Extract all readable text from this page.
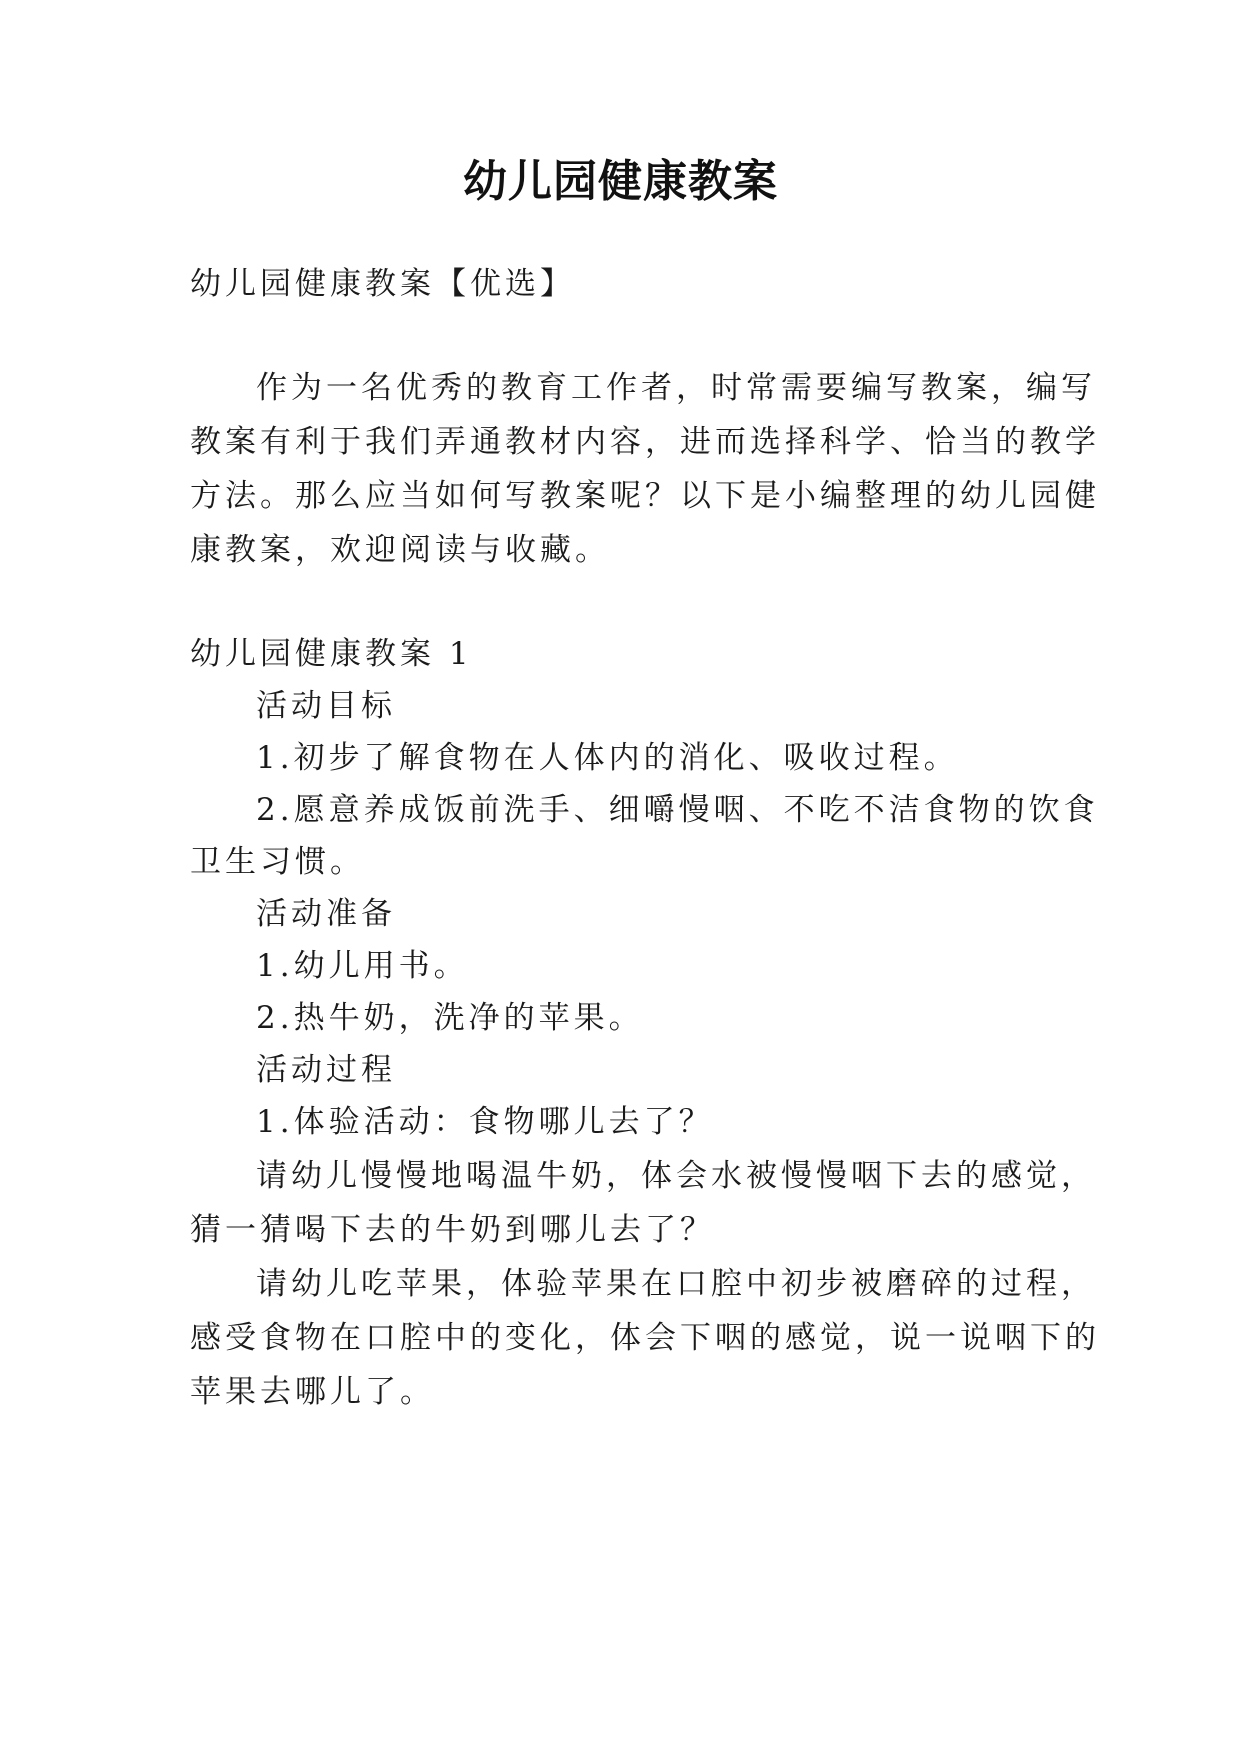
幼儿园健康教案
幼儿园健康教案【优选】
作为一名优秀的教育工作者，时常需要编写教案，编写
教案有利于我们弄通教材内容，进而选择科学、恰当的教学
方法。那么应当如何写教案呢？以下是小编整理的幼儿园健
康教案，欢迎阅读与收藏。
幼儿园健康教案 1
活动目标
1.初步了解食物在人体内的消化、吸收过程。
2.愿意养成饭前洗手、细嚼慢咽、不吃不洁食物的饮食
卫生习惯。
活动准备
1.幼儿用书。
2.热牛奶，洗净的苹果。
活动过程
1.体验活动：食物哪儿去了？
请幼儿慢慢地喝温牛奶，体会水被慢慢咽下去的感觉，
猜一猜喝下去的牛奶到哪儿去了？
请幼儿吃苹果，体验苹果在口腔中初步被磨碎的过程，
感受食物在口腔中的变化，体会下咽的感觉，说一说咽下的
苹果去哪儿了。
